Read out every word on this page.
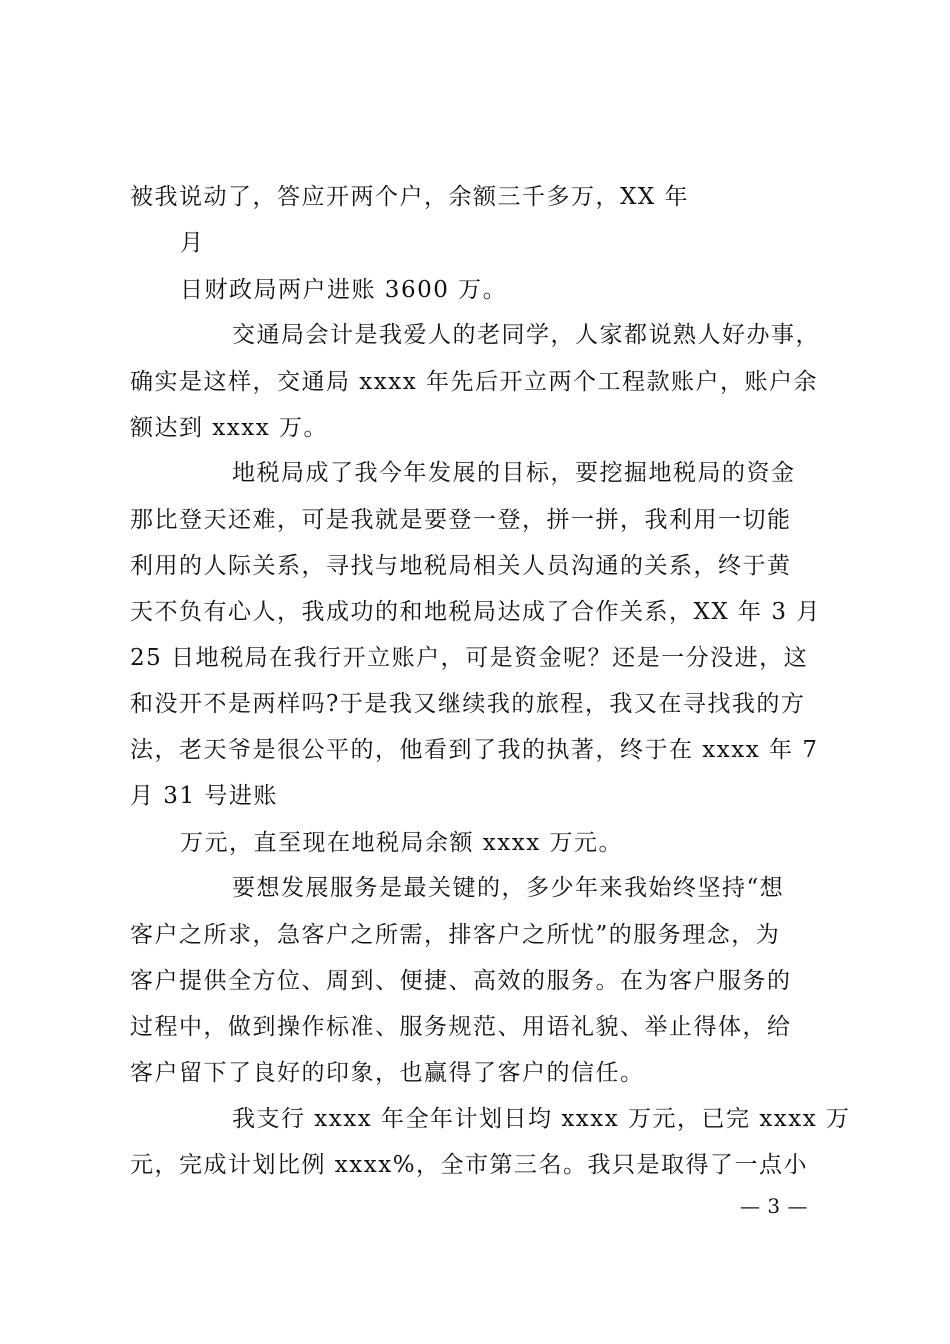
被我说动了，答应开两个户，余额三千多万，XX 年
月
日财政局两户进账 3600 万。
交通局会计是我爱人的老同学，人家都说熟人好办事，
确实是这样，交通局 xxxx 年先后开立两个工程款账户，账户余
额达到 xxxx 万。
地税局成了我今年发展的目标，要挖掘地税局的资金
那比登天还难，可是我就是要登一登，拼一拼，我利用一切能
利用的人际关系，寻找与地税局相关人员沟通的关系，终于黄
天不负有心人，我成功的和地税局达成了合作关系，XX 年 3 月
25 日地税局在我行开立账户，可是资金呢？还是一分没进，这
和没开不是两样吗?于是我又继续我的旅程，我又在寻找我的方
法，老天爷是很公平的，他看到了我的执著，终于在 xxxx 年 7
月 31 号进账
万元，直至现在地税局余额 xxxx 万元。
要想发展服务是最关键的，多少年来我始终坚持“想
客户之所求，急客户之所需，排客户之所忧”的服务理念，为
客户提供全方位、周到、便捷、高效的服务。在为客户服务的
过程中，做到操作标准、服务规范、用语礼貌、举止得体，给
客户留下了良好的印象，也赢得了客户的信任。
我支行 xxxx 年全年计划日均 xxxx 万元，已完 xxxx 万
元，完成计划比例 xxxx%，全市第三名。我只是取得了一点小
— 3 —
